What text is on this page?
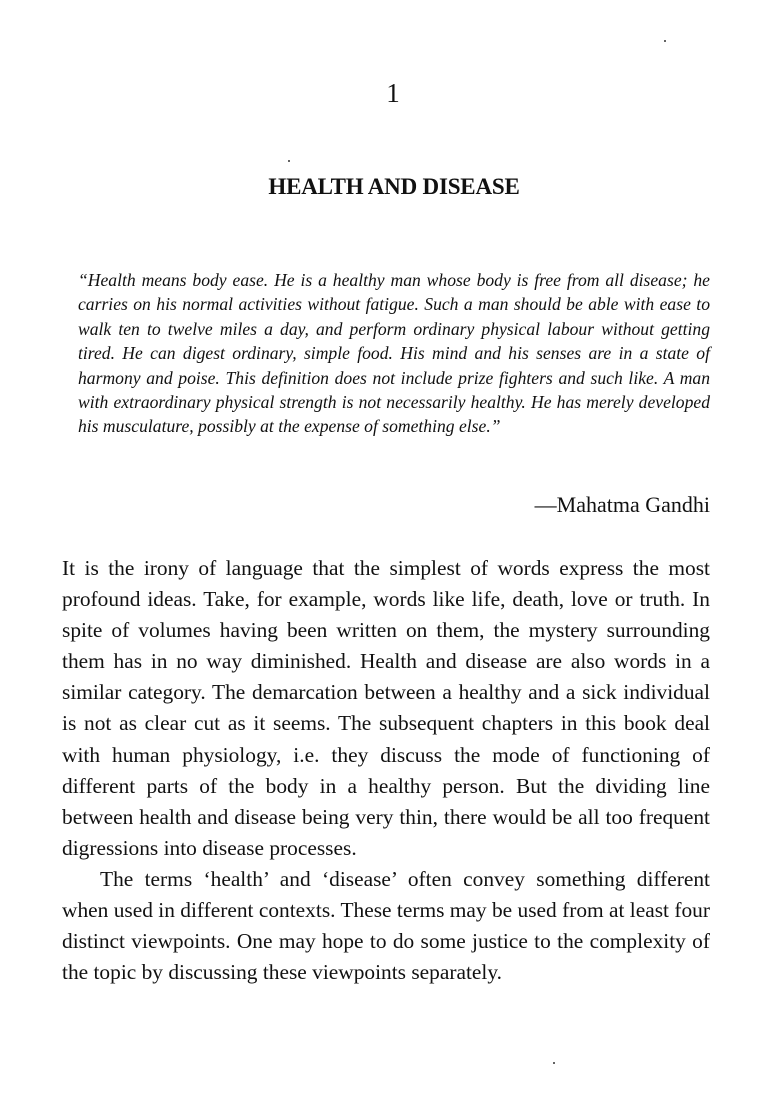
1
HEALTH AND DISEASE
“Health means body ease. He is a healthy man whose body is free from all disease; he carries on his normal activities without fatigue. Such a man should be able with ease to walk ten to twelve miles a day, and perform ordinary physical labour without getting tired. He can digest ordinary, simple food. His mind and his senses are in a state of harmony and poise. This definition does not include prize fighters and such like. A man with extraordinary physical strength is not necessarily healthy. He has merely developed his musculature, possibly at the expense of something else.”
—Mahatma Gandhi

It is the irony of language that the simplest of words express the most profound ideas. Take, for example, words like life, death, love or truth. In spite of volumes having been written on them, the mystery surrounding them has in no way diminished. Health and disease are also words in a similar category. The demarcation between a healthy and a sick individual is not as clear cut as it seems. The subsequent chapters in this book deal with human physiology, i.e. they discuss the mode of functioning of different parts of the body in a healthy person. But the dividing line between health and disease being very thin, there would be all too frequent digressions into disease processes.

The terms ‘health’ and ‘disease’ often convey something different when used in different contexts. These terms may be used from at least four distinct viewpoints. One may hope to do some justice to the complexity of the topic by discussing these viewpoints separately.
